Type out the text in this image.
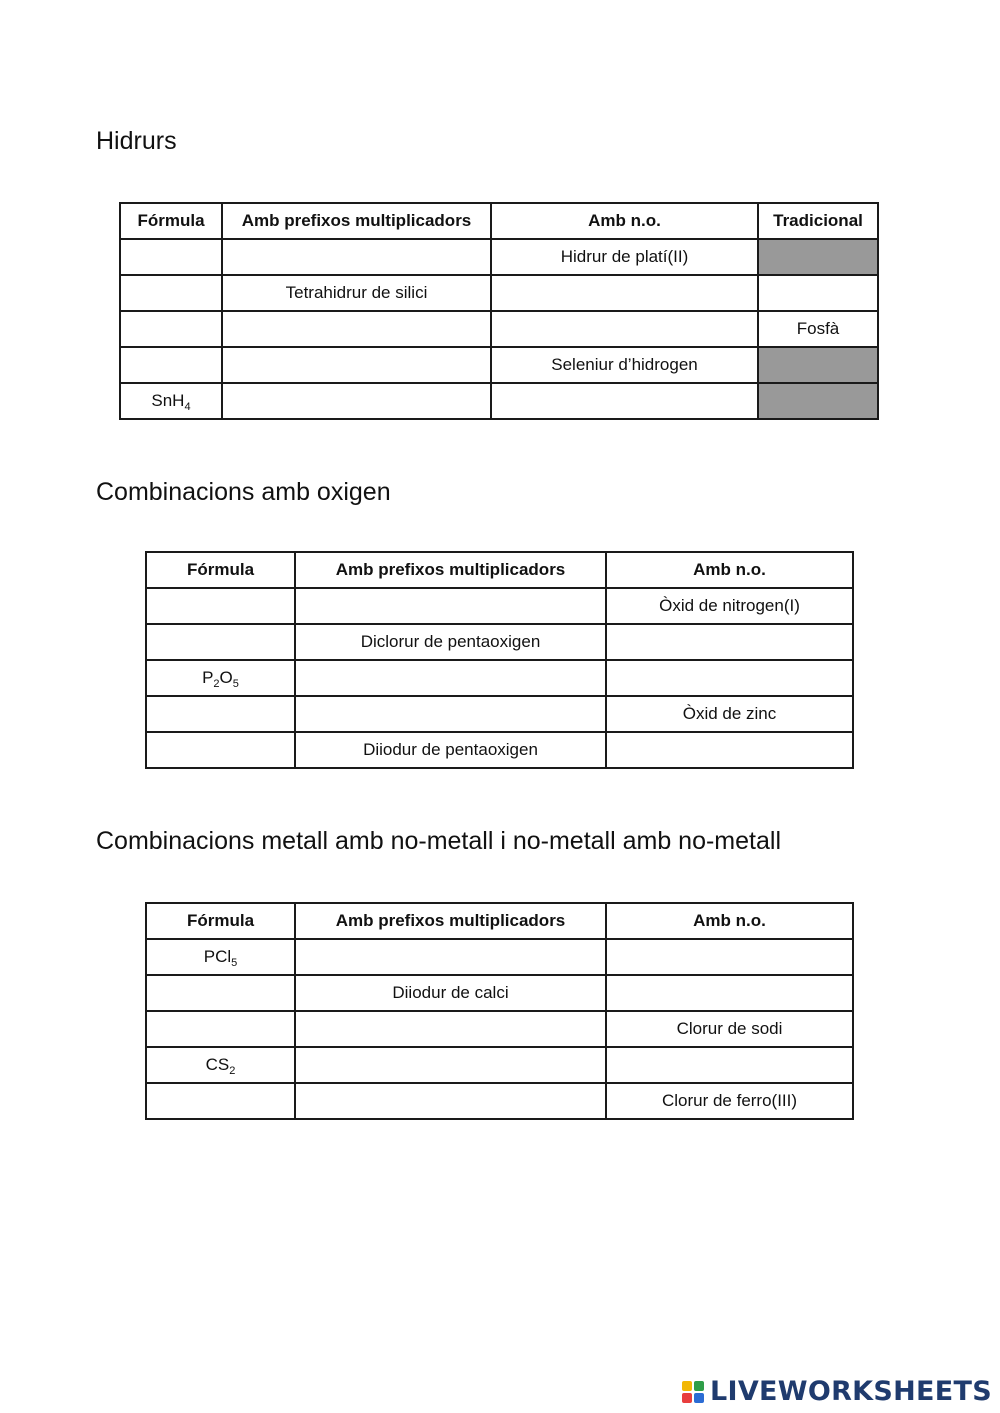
Hidrurs
Fórmula	Amb prefixos multiplicadors	Amb n.o.	Tradicional
		Hidrur de platí(II)	
	Tetrahidrur de silici		
			Fosfà
		Seleniur d’hidrogen	
SnH$_4$			
Combinacions amb oxigen
Fórmula	Amb prefixos multiplicadors	Amb n.o.
		Òxid de nitrogen(I)
	Diclorur de pentaoxigen	
$P_2O_5$		
		Òxid de zinc
	Diiodur de pentaoxigen	
Combinacions metall amb no-metall i no-metall amb no-metall
Fórmula	Amb prefixos multiplicadors	Amb n.o.
PCl$_5$		
	Diiodur de calci	
		Clorur de sodi
$CS_2$		
		Clorur de ferro(III)
LIVEWORKSHEETS
